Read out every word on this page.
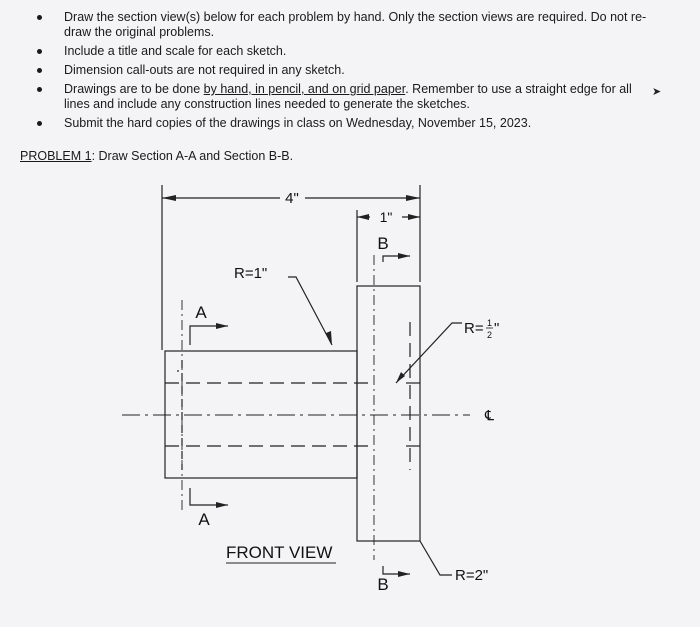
Draw the section view(s) below for each problem by hand. Only the section views are required. Do not re-
draw the original problems.
Include a title and scale for each sketch.
Dimension call-outs are not required in any sketch.
Drawings are to be done by hand, in pencil, and on grid paper. Remember to use a straight edge for all
lines and include any construction lines needed to generate the sketches.
Submit the hard copies of the drawings in class on Wednesday, November 15, 2023.
PROBLEM 1: Draw Section A-A and Section B-B.
➤
4"
1"
B
B
A
A
R=1"
R= 1
2 "
R=2"
℄
FRONT VIEW
